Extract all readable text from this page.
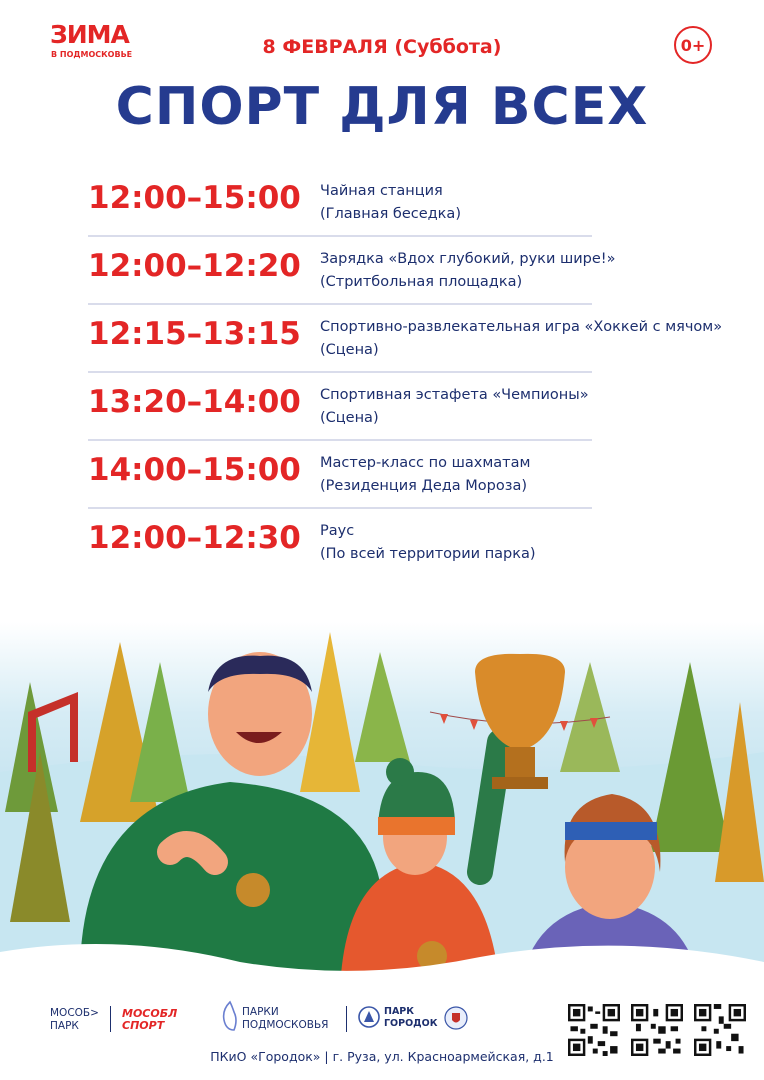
ЗИМА
В ПОДМОСКОВЬЕ	8 ФЕВРАЛЯ (Суббота)	0+
СПОРТ ДЛЯ ВСЕХ
12:00–15:00 Чайная станция
(Главная беседка)
12:00–12:20 Зарядка «Вдох глубокий, руки шире!»
(Стритбольная площадка)
12:15–13:15 Спортивно-развлекательная игра «Хоккей с мячом»
(Сцена)
13:20–14:00 Спортивная эстафета «Чемпионы»
(Сцена)
14:00–15:00 Мастер-класс по шахматам
(Резиденция Деда Мороза)
12:00–12:30 Раус
(По всей территории парка)
МОСОБ>
ПАРК
МОСОБЛ СПОРТ
ПАРКИ
ПОДМОСКОВЬЯ
ПАРК
ГОРОДОК
ПКиО «Городок» | г. Руза, ул. Красноармейская, д.1
